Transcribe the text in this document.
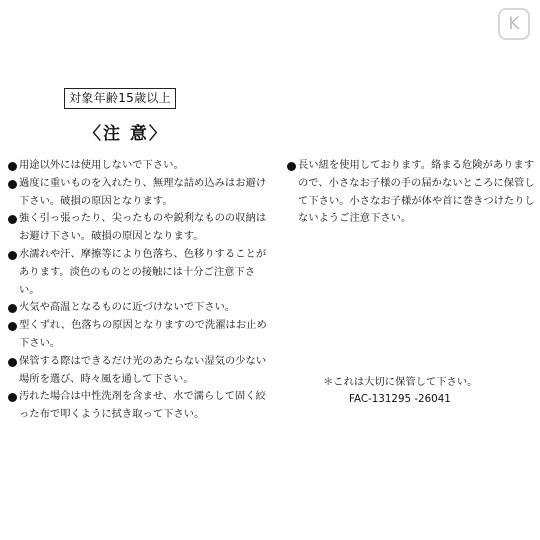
K
対象年齢15歳以上
〈注 意〉
用途以外には使用しないで下さい。
過度に重いものを入れたり、無理な詰め込みはお避け下さい。破損の原因となります。
強く引っ張ったり、尖ったものや鋭利なものの収納はお避け下さい。破損の原因となります。
水濡れや汗、摩擦等により色落ち、色移りすることがあります。淡色のものとの接触には十分ご注意下さい。
火気や高温となるものに近づけないで下さい。
型くずれ、色落ちの原因となりますので洗濯はお止め下さい。
保管する際はできるだけ光のあたらない湿気の少ない場所を選び、時々風を通して下さい。
汚れた場合は中性洗剤を含ませ、水で濡らして固く絞った布で叩くように拭き取って下さい。
長い紐を使用しております。絡まる危険がありますので、小さなお子様の手の届かないところに保管して下さい。小さなお子様が体や首に巻きつけたりしないようご注意下さい。
＊これは大切に保管して下さい。
FAC-131295 -26041
